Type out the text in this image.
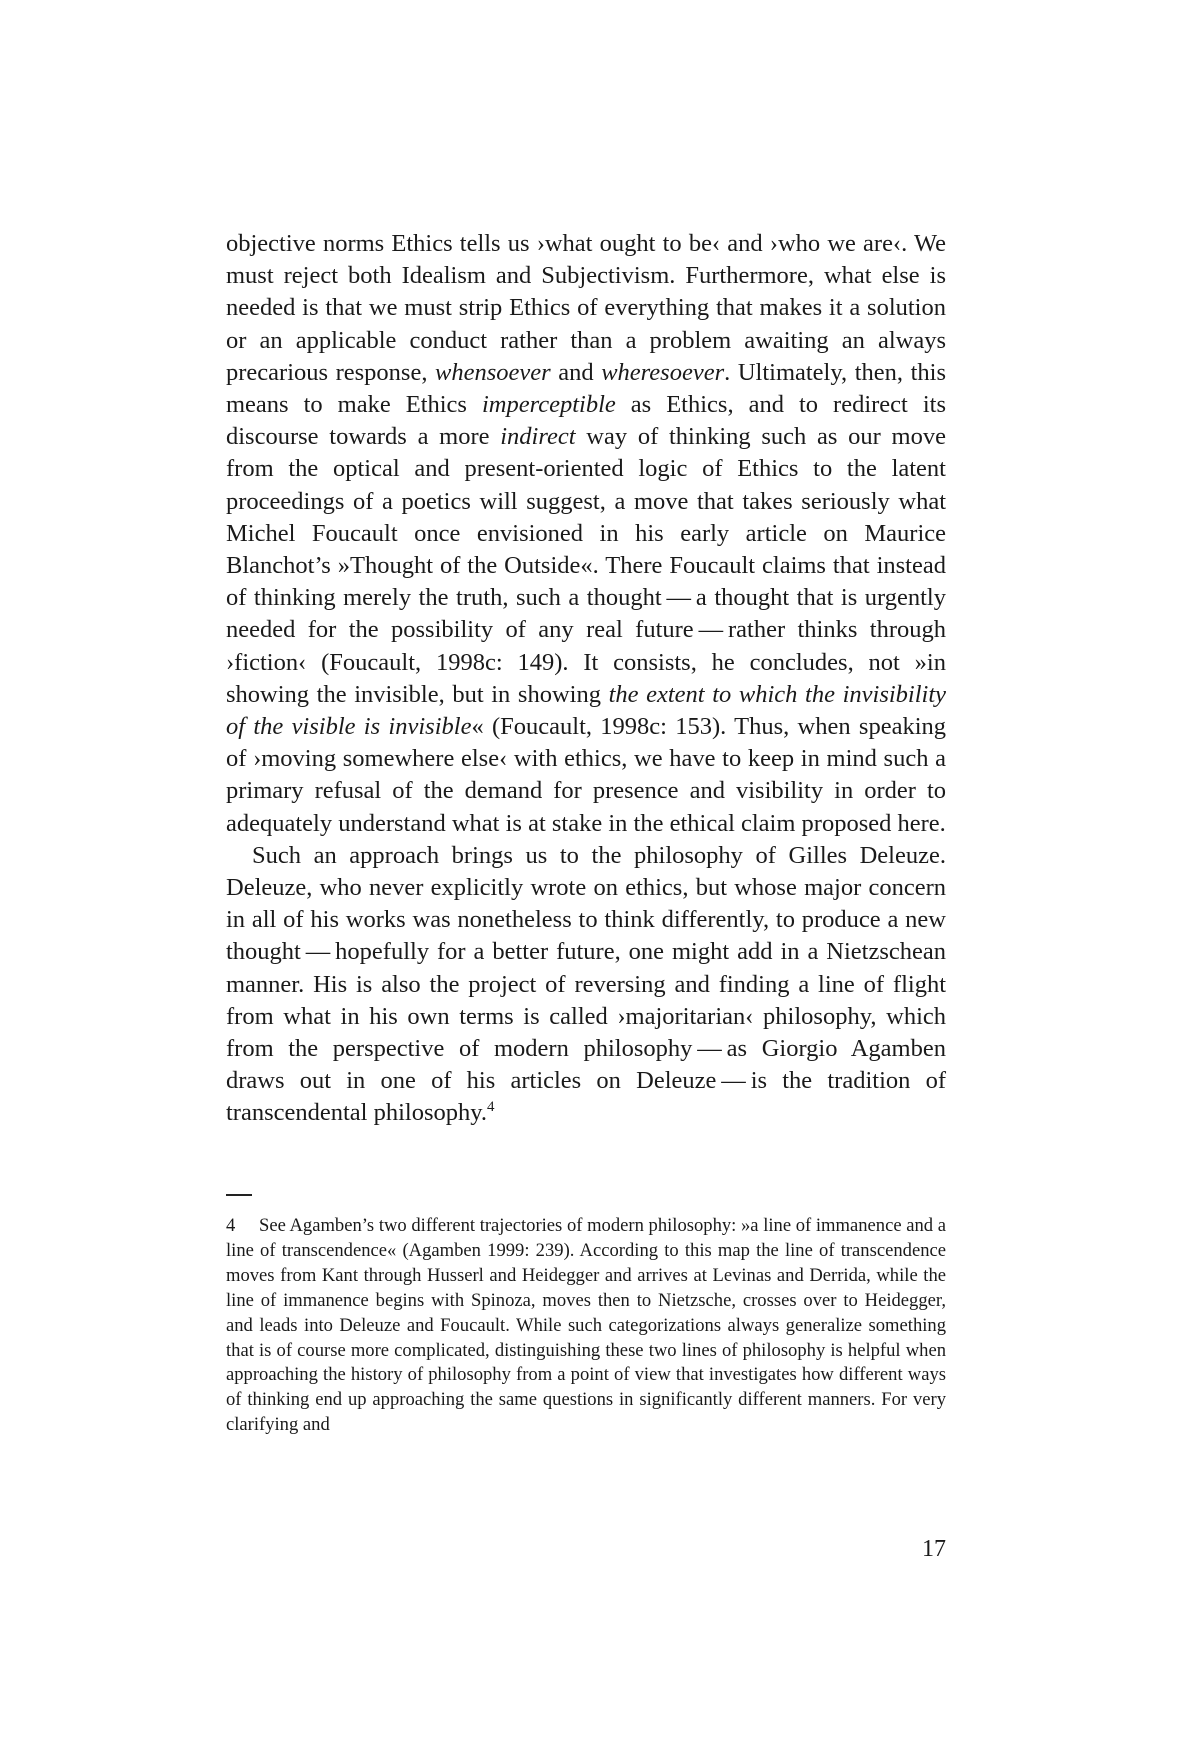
objective norms Ethics tells us ›what ought to be‹ and ›who we are‹. We must reject both Idealism and Subjectivism. Furthermore, what else is needed is that we must strip Ethics of everything that makes it a solution or an applicable conduct rather than a problem awaiting an always precarious response, whensoever and wheresoever. Ultimately, then, this means to make Ethics imperceptible as Ethics, and to redirect its discourse towards a more indirect way of thinking such as our move from the optical and present-oriented logic of Ethics to the latent proceedings of a poetics will suggest, a move that takes seriously what Michel Foucault once envisioned in his early article on Maurice Blanchot’s »Thought of the Outside«. There Foucault claims that instead of thinking merely the truth, such a thought — a thought that is urgently needed for the possibility of any real future — rather thinks through ›fiction‹ (Foucault, 1998c: 149). It consists, he concludes, not »in showing the invisible, but in showing the extent to which the invisibility of the visible is invisible« (Foucault, 1998c: 153). Thus, when speaking of ›moving somewhere else‹ with ethics, we have to keep in mind such a primary refusal of the demand for presence and visibility in order to adequately understand what is at stake in the ethical claim proposed here.

Such an approach brings us to the philosophy of Gilles Deleuze. Deleuze, who never explicitly wrote on ethics, but whose major concern in all of his works was nonetheless to think differently, to produce a new thought — hopefully for a better future, one might add in a Nietzschean manner. His is also the project of reversing and finding a line of flight from what in his own terms is called ›majoritarian‹ philosophy, which from the perspective of modern philosophy — as Giorgio Agamben draws out in one of his articles on Deleuze — is the tradition of transcendental philosophy.$^4$

4 See Agamben’s two different trajectories of modern philosophy: »a line of immanence and a line of transcendence« (Agamben 1999: 239). According to this map the line of transcendence moves from Kant through Husserl and Heidegger and arrives at Levinas and Derrida, while the line of immanence begins with Spinoza, moves then to Nietzsche, crosses over to Heidegger, and leads into Deleuze and Foucault. While such categorizations always generalize something that is of course more complicated, distinguishing these two lines of philosophy is helpful when approaching the history of philosophy from a point of view that investigates how different ways of thinking end up approaching the same questions in significantly different manners. For very clarifying and

17
